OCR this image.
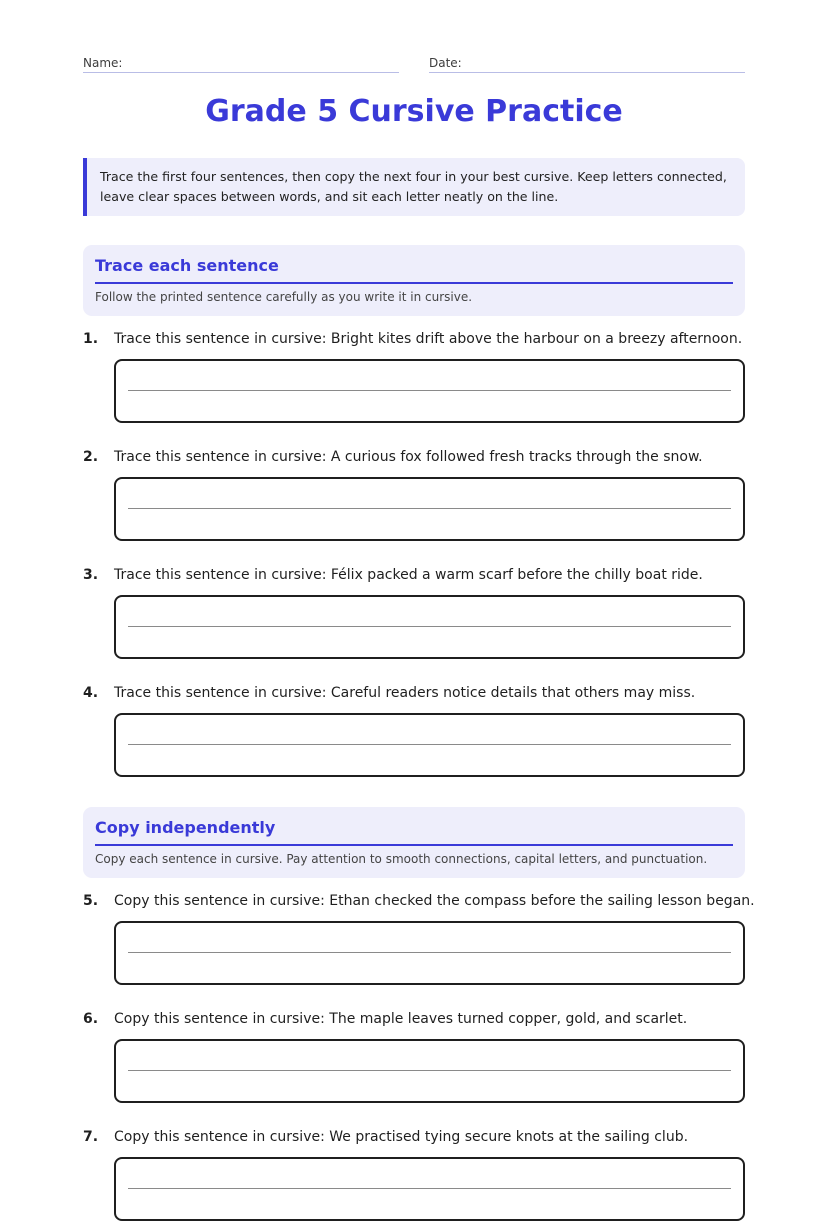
Name:	Date:
Grade 5 Cursive Practice
Trace the first four sentences, then copy the next four in your best cursive. Keep letters connected, leave clear spaces between words, and sit each letter neatly on the line.
Trace each sentence
Follow the printed sentence carefully as you write it in cursive.
1. Trace this sentence in cursive: Bright kites drift above the harbour on a breezy afternoon.
2. Trace this sentence in cursive: A curious fox followed fresh tracks through the snow.
3. Trace this sentence in cursive: Félix packed a warm scarf before the chilly boat ride.
4. Trace this sentence in cursive: Careful readers notice details that others may miss.
Copy independently
Copy each sentence in cursive. Pay attention to smooth connections, capital letters, and punctuation.
5. Copy this sentence in cursive: Ethan checked the compass before the sailing lesson began.
6. Copy this sentence in cursive: The maple leaves turned copper, gold, and scarlet.
7. Copy this sentence in cursive: We practised tying secure knots at the sailing club.
